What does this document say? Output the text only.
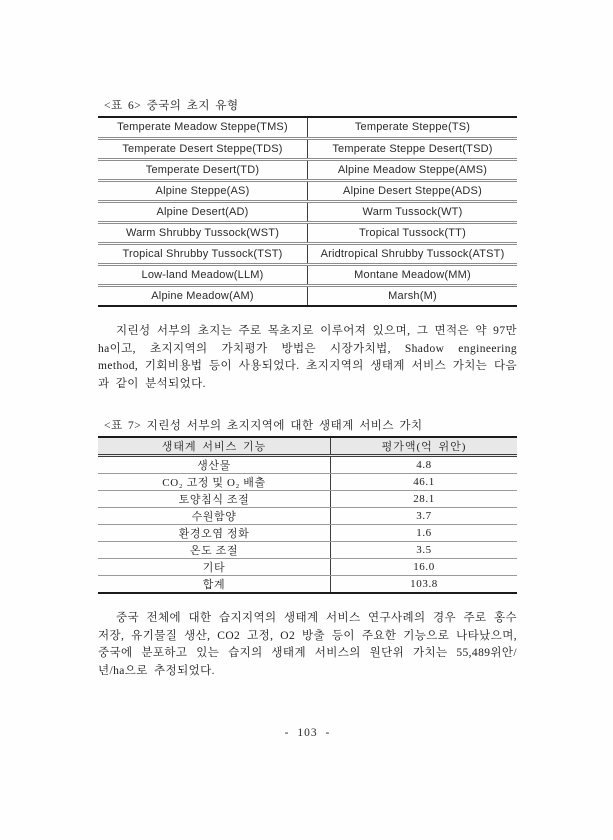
<표 6> 중국의 초지 유형

Temperate Meadow Steppe(TMS)	Temperate Steppe(TS)
Temperate Desert Steppe(TDS)	Temperate Steppe Desert(TSD)
Temperate Desert(TD)	Alpine Meadow Steppe(AMS)
Alpine Steppe(AS)	Alpine Desert Steppe(ADS)
Alpine Desert(AD)	Warm Tussock(WT)
Warm Shrubby Tussock(WST)	Tropical Tussock(TT)
Tropical Shrubby Tussock(TST)	Aridtropical Shrubby Tussock(ATST)
Low-land Meadow(LLM)	Montane Meadow(MM)
Alpine Meadow(AM)	Marsh(M)

지린성 서부의 초지는 주로 목초지로 이루어져 있으며, 그 면적은 약 97만ha이고, 초지지역의 가치평가 방법은 시장가치법, Shadow engineering method, 기회비용법 등이 사용되었다. 초지지역의 생태계 서비스 가치는 다음과 같이 분석되었다.

<표 7> 지린성 서부의 초지지역에 대한 생태계 서비스 가치

생태계 서비스 기능	평가액(억 위안)
생산물	4.8
CO₂ 고정 및 O₂ 배출	46.1
토양침식 조절	28.1
수원함양	3.7
환경오염 정화	1.6
온도 조절	3.5
기타	16.0
합계	103.8

중국 전체에 대한 습지지역의 생태계 서비스 연구사례의 경우 주로 홍수저장, 유기물질 생산, CO2 고정, O2 방출 등이 주요한 기능으로 나타났으며, 중국에 분포하고 있는 습지의 생태계 서비스의 원단위 가치는 55,489위안/년/ha으로 추정되었다.

- 103 -
